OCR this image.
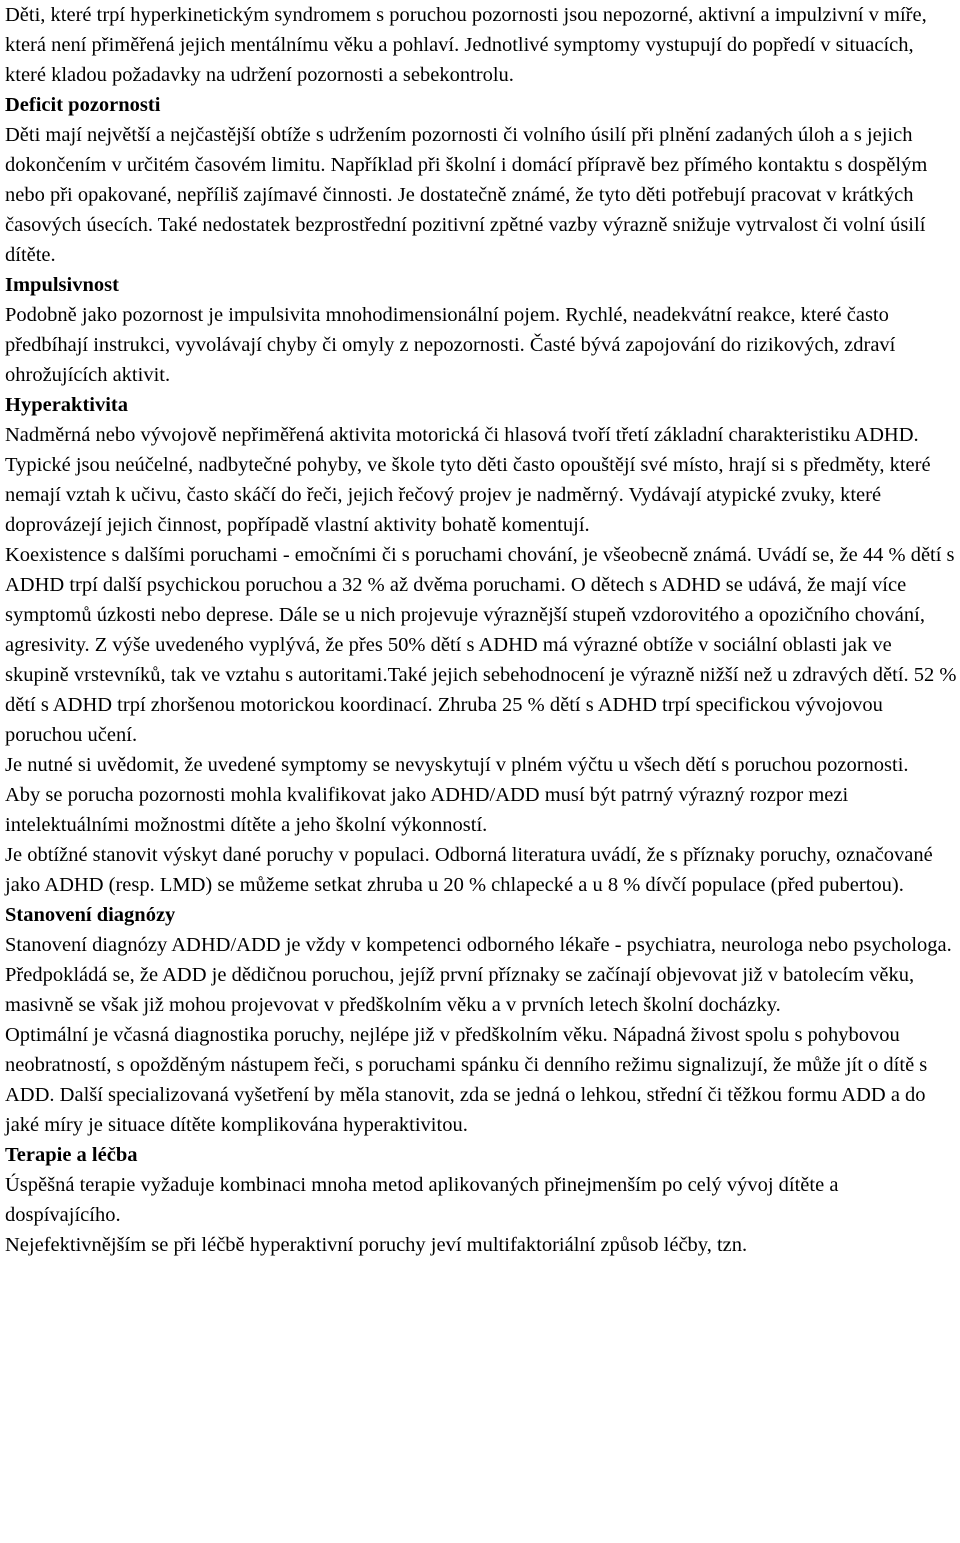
Děti, které trpí hyperkinetickým syndromem s poruchou pozornosti jsou nepozorné, aktivní a impulzivní v míře, která není přiměřená jejich mentálnímu věku a pohlaví. Jednotlivé symptomy vystupují do popředí v situacích, které kladou požadavky na udržení pozornosti a sebekontrolu.

Deficit pozornosti

Děti mají největší a nejčastější obtíže s udržením pozornosti či volního úsilí při plnění zadaných úloh a s jejich dokončením v určitém časovém limitu. Například při školní i domácí přípravě bez přímého kontaktu s dospělým nebo při opakované, nepříliš zajímavé činnosti. Je dostatečně známé, že tyto děti potřebují pracovat v krátkých časových úsecích. Také nedostatek bezprostřední pozitivní zpětné vazby výrazně snižuje vytrvalost či volní úsilí dítěte.

Impulsivnost

Podobně jako pozornost je impulsivita mnohodimensionální pojem. Rychlé, neadekvátní reakce, které často předbíhají instrukci, vyvolávají chyby či omyly z nepozornosti. Časté bývá zapojování do rizikových, zdraví ohrožujících aktivit.

Hyperaktivita

Nadměrná nebo vývojově nepřiměřená aktivita motorická či hlasová tvoří třetí základní charakteristiku ADHD. Typické jsou neúčelné, nadbytečné pohyby, ve škole tyto děti často opouštějí své místo, hrají si s předměty, které nemají vztah k učivu, často skáčí do řeči, jejich řečový projev je nadměrný. Vydávají atypické zvuky, které doprovázejí jejich činnost, popřípadě vlastní aktivity bohatě komentují.

Koexistence s dalšími poruchami - emočními či s poruchami chování, je všeobecně známá. Uvádí se, že 44 % dětí s ADHD trpí další psychickou poruchou a 32 % až dvěma poruchami. O dětech s ADHD se udává, že mají více symptomů úzkosti nebo deprese. Dále se u nich projevuje výraznější stupeň vzdorovitého a opozičního chování, agresivity. Z výše uvedeného vyplývá, že přes 50% dětí s ADHD má výrazné obtíže v sociální oblasti jak ve skupině vrstevníků, tak ve vztahu s autoritami.Také jejich sebehodnocení je výrazně nižší než u zdravých dětí. 52 % dětí s ADHD trpí zhoršenou motorickou koordinací. Zhruba 25 % dětí s ADHD trpí specifickou vývojovou poruchou učení.

Je nutné si uvědomit, že uvedené symptomy se nevyskytují v plném výčtu u všech dětí s poruchou pozornosti.

Aby se porucha pozornosti mohla kvalifikovat jako ADHD/ADD musí být patrný výrazný rozpor mezi intelektuálními možnostmi dítěte a jeho školní výkonností.

Je obtížné stanovit výskyt dané poruchy v populaci. Odborná literatura uvádí, že s příznaky poruchy, označované jako ADHD (resp. LMD) se můžeme setkat zhruba u 20 % chlapecké a u 8 % dívčí populace (před pubertou).

Stanovení diagnózy

Stanovení diagnózy ADHD/ADD je vždy v kompetenci odborného lékaře - psychiatra, neurologa nebo psychologa.

Předpokládá se, že ADD je dědičnou poruchou, jejíž první příznaky se začínají objevovat již v batolecím věku, masivně se však již mohou projevovat v předškolním věku a v prvních letech školní docházky.

Optimální je včasná diagnostika poruchy, nejlépe již v předškolním věku. Nápadná živost spolu s pohybovou neobratností, s opožděným nástupem řeči, s poruchami spánku či denního režimu signalizují, že může jít o dítě s ADD. Další specializovaná vyšetření by měla stanovit, zda se jedná o lehkou, střední či těžkou formu ADD a do jaké míry je situace dítěte komplikována hyperaktivitou.

Terapie a léčba

Úspěšná terapie vyžaduje kombinaci mnoha metod aplikovaných přinejmenším po celý vývoj dítěte a dospívajícího.

Nejefektivnějším se při léčbě hyperaktivní poruchy jeví multifaktoriální způsob léčby, tzn.
